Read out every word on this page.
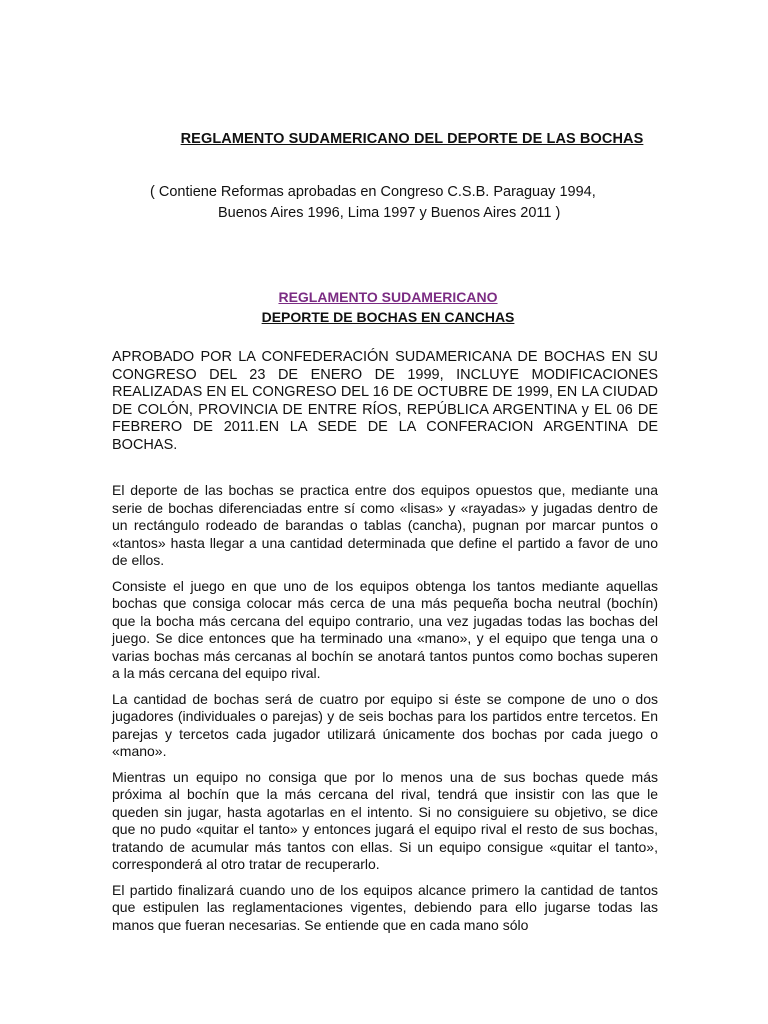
REGLAMENTO SUDAMERICANO DEL DEPORTE DE LAS BOCHAS
( Contiene Reformas aprobadas en Congreso C.S.B. Paraguay 1994,
Buenos Aires 1996, Lima 1997 y Buenos Aires 2011 )
REGLAMENTO SUDAMERICANO
DEPORTE DE BOCHAS EN CANCHAS
APROBADO POR LA CONFEDERACIÓN SUDAMERICANA DE BOCHAS EN SU CONGRESO DEL 23 DE ENERO DE 1999, INCLUYE MODIFICACIONES REALIZADAS EN EL CONGRESO DEL 16 DE OCTUBRE DE 1999, EN LA CIUDAD DE COLÓN, PROVINCIA DE ENTRE RÍOS, REPÚBLICA ARGENTINA y EL 06 DE FEBRERO DE 2011.EN LA SEDE DE LA CONFERACION ARGENTINA DE BOCHAS.

El deporte de las bochas se practica entre dos equipos opuestos que, mediante una serie de bochas diferenciadas entre sí como «lisas» y «rayadas» y jugadas dentro de un rectángulo rodeado de barandas o tablas (cancha), pugnan por marcar puntos o «tantos» hasta llegar a una cantidad determinada que define el partido a favor de uno de ellos.

Consiste el juego en que uno de los equipos obtenga los tantos mediante aquellas bochas que consiga colocar más cerca de una más pequeña bocha neutral (bochín) que la bocha más cercana del equipo contrario, una vez jugadas todas las bochas del juego. Se dice entonces que ha terminado una «mano», y el equipo que tenga una o varias bochas más cercanas al bochín se anotará tantos puntos como bochas superen a la más cercana del equipo rival.

La cantidad de bochas será de cuatro por equipo si éste se compone de uno o dos jugadores (individuales o parejas) y de seis bochas para los partidos entre tercetos. En parejas y tercetos cada jugador utilizará únicamente dos bochas por cada juego o «mano».

Mientras un equipo no consiga que por lo menos una de sus bochas quede más próxima al bochín que la más cercana del rival, tendrá que insistir con las que le queden sin jugar, hasta agotarlas en el intento. Si no consiguiere su objetivo, se dice que no pudo «quitar el tanto» y entonces jugará el equipo rival el resto de sus bochas, tratando de acumular más tantos con ellas. Si un equipo consigue «quitar el tanto», corresponderá al otro tratar de recuperarlo.

El partido finalizará cuando uno de los equipos alcance primero la cantidad de tantos que estipulen las reglamentaciones vigentes, debiendo para ello jugarse todas las manos que fueran necesarias. Se entiende que en cada mano sólo
